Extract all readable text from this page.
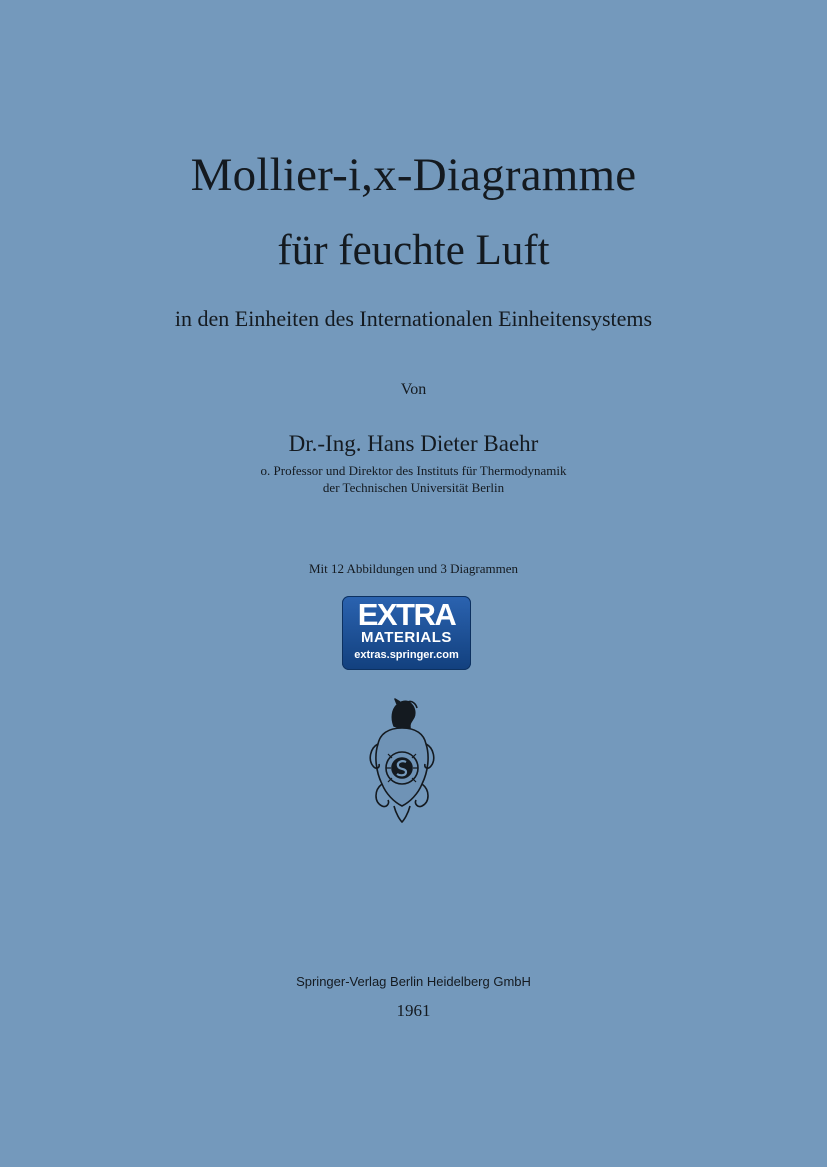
Mollier-i,x-Diagramme
für feuchte Luft
in den Einheiten des Internationalen Einheitensystems
Von
Dr.-Ing. Hans Dieter Baehr
o. Professor und Direktor des Instituts für Thermodynamik
der Technischen Universität Berlin
Mit 12 Abbildungen und 3 Diagrammen
EXTRA
MATERIALS
extras.springer.com
Springer-Verlag Berlin Heidelberg GmbH
1961
